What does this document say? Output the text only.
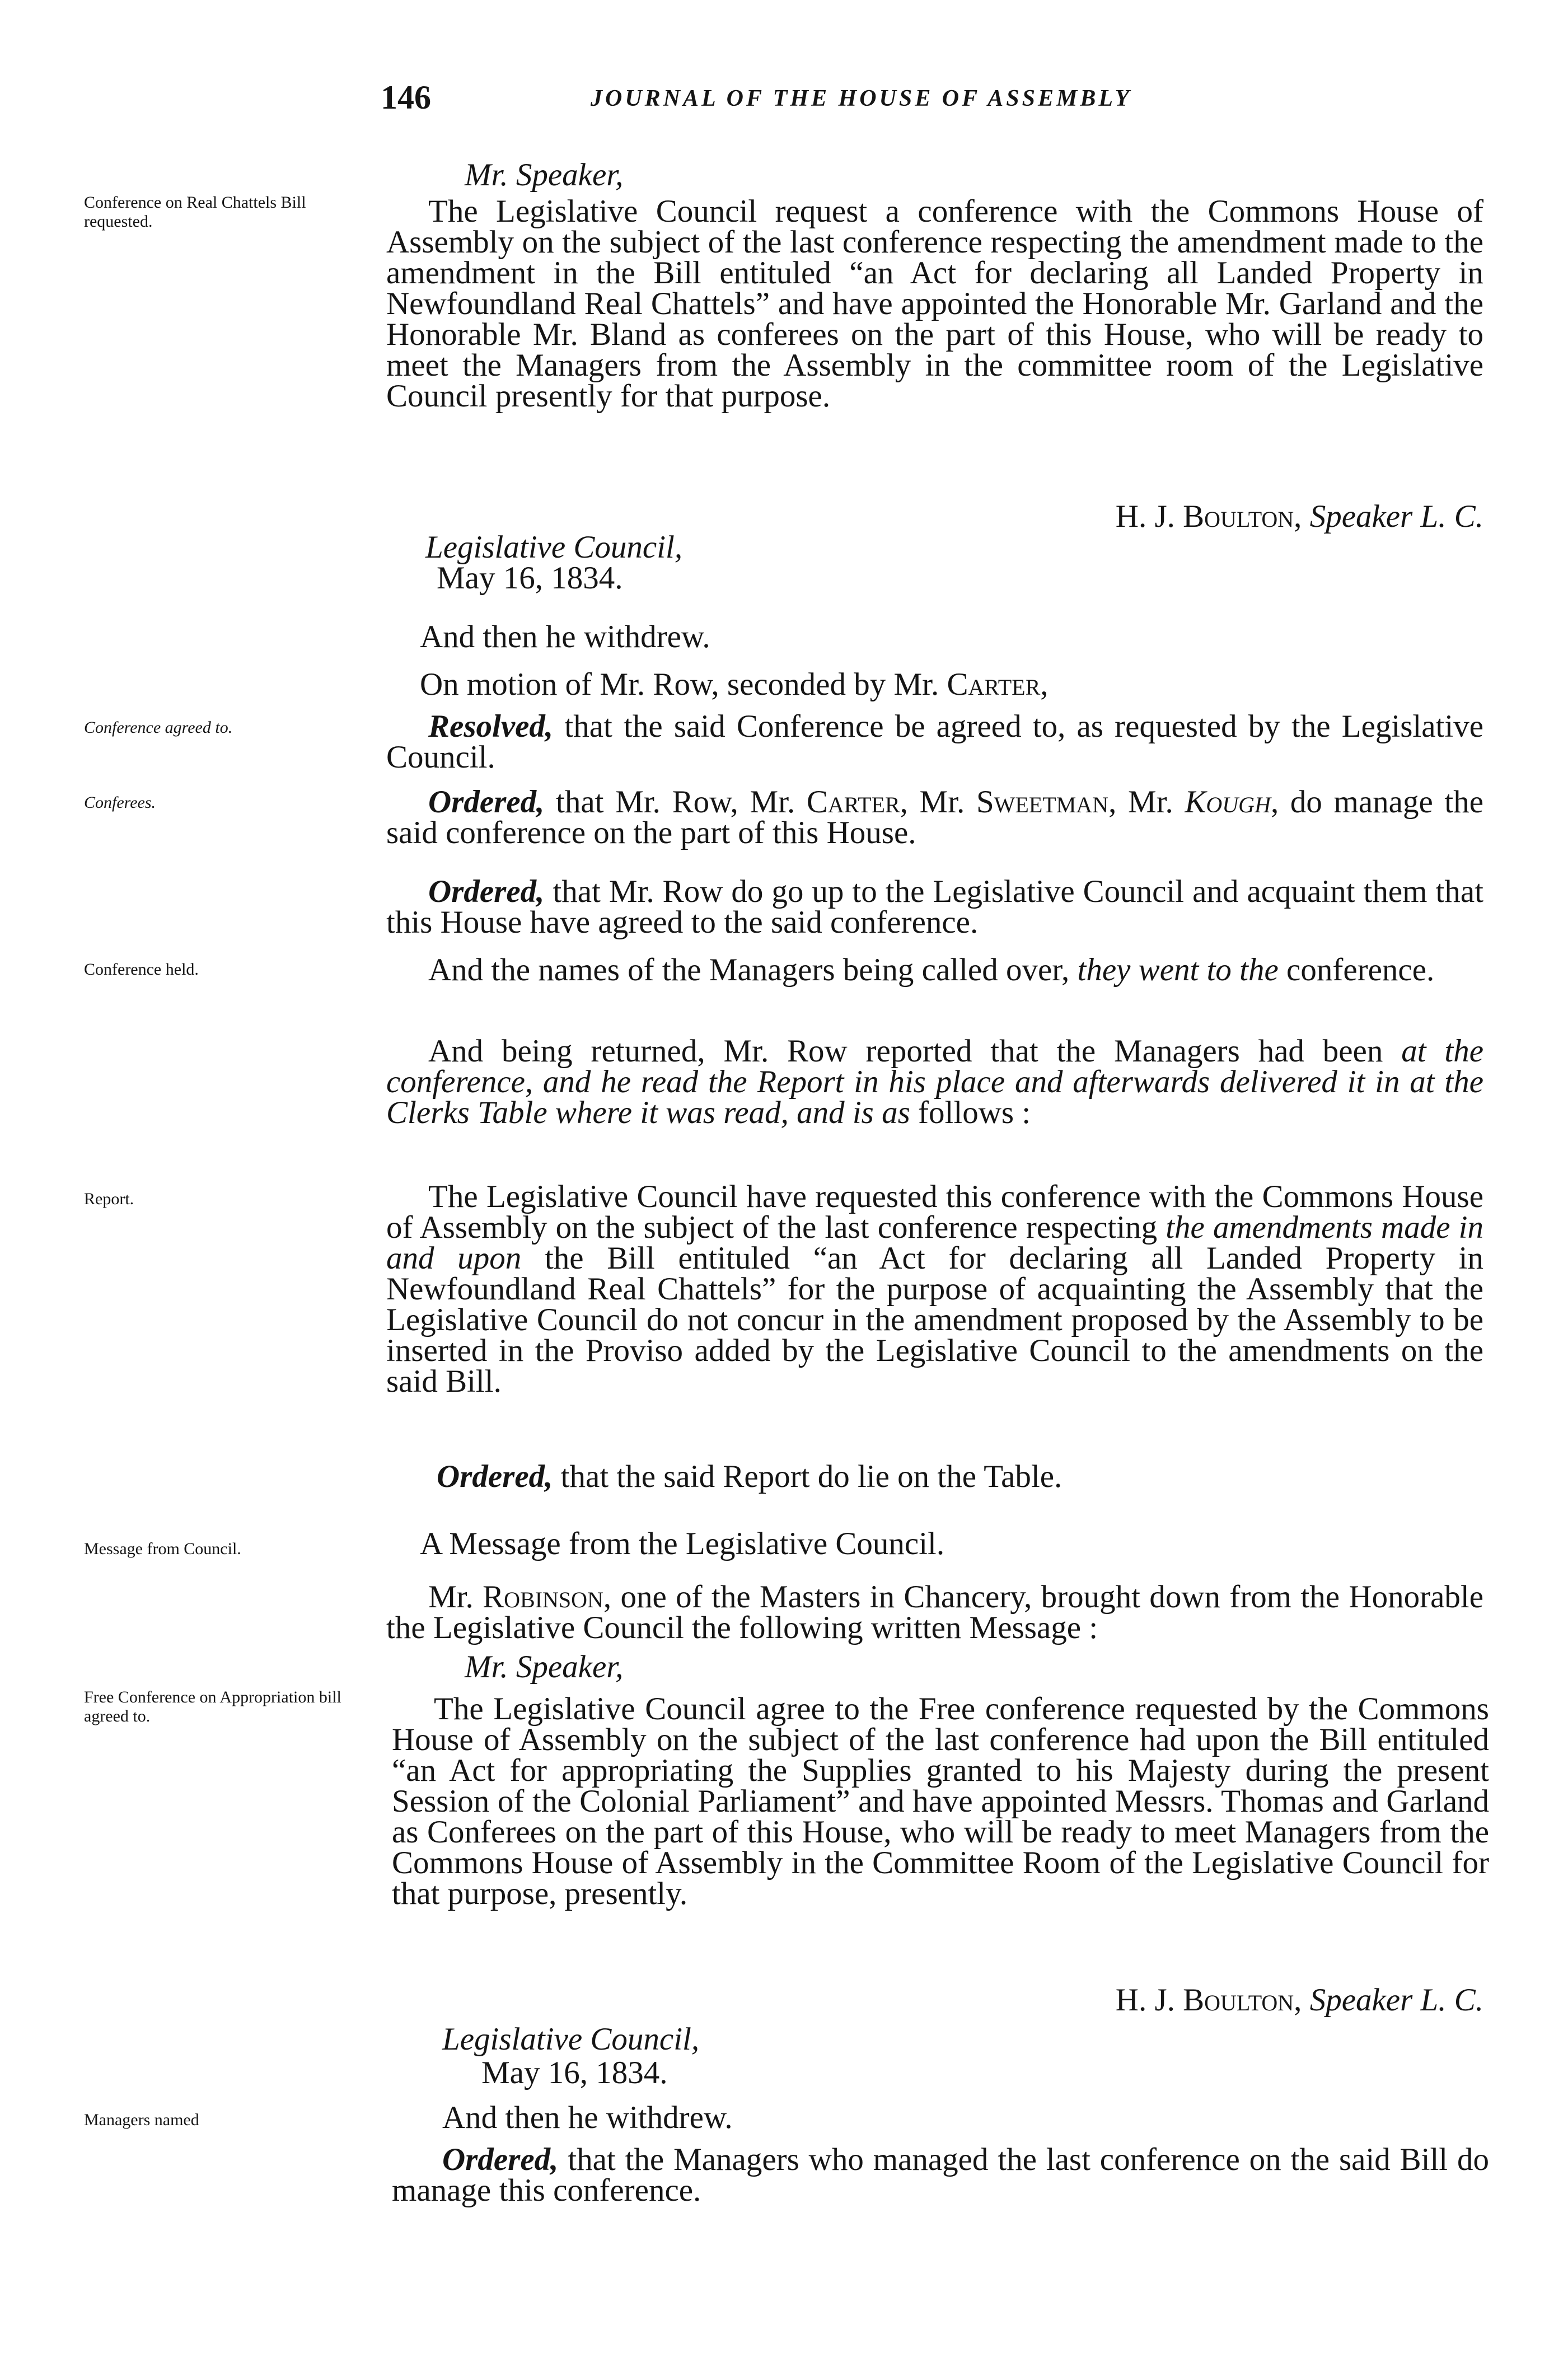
146	JOURNAL OF THE HOUSE OF ASSEMBLY
Conference on Real Chattels Bill requested.
Conference agreed to.
Conferees.
Conference held.
Report.
Message from Council.
Free Conference on Appropriation bill agreed to.
Managers named
Mr. Speaker,
The Legislative Council request a conference with the Commons House of Assembly on the subject of the last conference respecting the amendment made to the amendment in the Bill entituled “an Act for declaring all Landed Property in Newfoundland Real Chattels” and have appointed the Honorable Mr. Garland and the Honorable Mr. Bland as conferees on the part of this House, who will be ready to meet the Managers from the Assembly in the committee room of the Legislative Council presently for that purpose.
H. J. Boulton, Speaker L. C.
Legislative Council,
May 16, 1834.
And then he withdrew.
On motion of Mr. Row, seconded by Mr. Carter,
Resolved, that the said Conference be agreed to, as requested by the Legislative Council.
Ordered, that Mr. Row, Mr. Carter, Mr. Sweetman, Mr. Kough, do manage the said conference on the part of this House.
Ordered, that Mr. Row do go up to the Legislative Council and acquaint them that this House have agreed to the said conference.
And the names of the Managers being called over, they went to the conference.
And being returned, Mr. Row reported that the Managers had been at the conference, and he read the Report in his place and afterwards delivered it in at the Clerks Table where it was read, and is as follows :
The Legislative Council have requested this conference with the Commons House of Assembly on the subject of the last conference respecting the amendments made in and upon the Bill entituled “an Act for declaring all Landed Property in Newfoundland Real Chattels” for the purpose of acquainting the Assembly that the Legislative Council do not concur in the amendment proposed by the Assembly to be inserted in the Proviso added by the Legislative Council to the amendments on the said Bill.
Ordered, that the said Report do lie on the Table.
A Message from the Legislative Council.
Mr. Robinson, one of the Masters in Chancery, brought down from the Honorable the Legislative Council the following written Message :
Mr. Speaker,
The Legislative Council agree to the Free conference requested by the Commons House of Assembly on the subject of the last conference had upon the Bill entituled “an Act for appropriating the Supplies granted to his Majesty during the present Session of the Colonial Parliament” and have appointed Messrs. Thomas and Garland as Conferees on the part of this House, who will be ready to meet Managers from the Commons House of Assembly in the Committee Room of the Legislative Council for that purpose, presently.
H. J. Boulton, Speaker L. C.
Legislative Council,
May 16, 1834.
And then he withdrew.
Ordered, that the Managers who managed the last conference on the said Bill do manage this conference.
